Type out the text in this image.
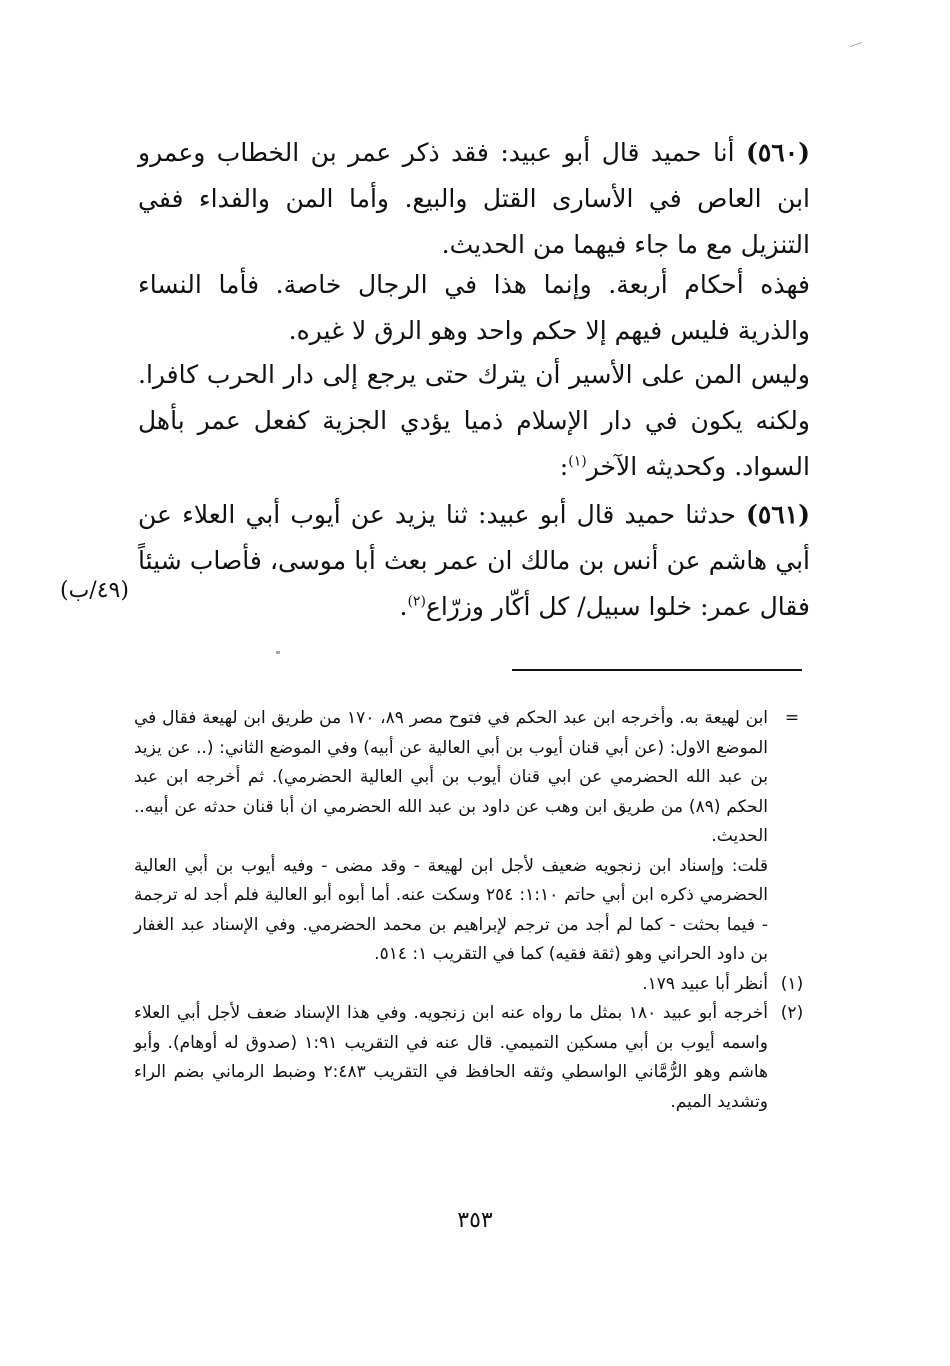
(٥٦٠) أنا حميد قال أبو عبيد: فقد ذكر عمر بن الخطاب وعمرو ابن العاص في الأسارى القتل والبيع. وأما المن والفداء ففي التنزيل مع ما جاء فيهما من الحديث.

فهذه أحكام أربعة. وإنما هذا في الرجال خاصة. فأما النساء والذرية فليس فيهم إلا حكم واحد وهو الرق لا غيره.

وليس المن على الأسير أن يترك حتى يرجع إلى دار الحرب كافرا. ولكنه يكون في دار الإسلام ذميا يؤدي الجزية كفعل عمر بأهل السواد. وكحديثه الآخر$^{(١)}$:

(٥٦١) حدثنا حميد قال أبو عبيد: ثنا يزيد عن أيوب أبي العلاء عن أبي هاشم عن أنس بن مالك ان عمر بعث أبا موسى، فأصاب شيئاً فقال عمر: خلوا سبيل/ كل أكّار وزرّاع$^{(٢)}$.

(٤٩/ب)
=
ابن لهيعة به. وأخرجه ابن عبد الحكم في فتوح مصر ٨٩، ١٧٠ من طريق ابن لهيعة فقال في الموضع الاول: (عن أبي قنان أيوب بن أبي العالية عن أبيه) وفي الموضع الثاني: (.. عن يزيد بن عبد الله الحضرمي عن ابي قنان أيوب بن أبي العالية الحضرمي). ثم أخرجه ابن عبد الحكم (٨٩) من طريق ابن وهب عن داود بن عبد الله الحضرمي ان أبا قنان حدثه عن أبيه.. الحديث.
قلت: وإسناد ابن زنجويه ضعيف لأجل ابن لهيعة - وقد مضى - وفيه أيوب بن أبي العالية الحضرمي ذكره ابن أبي حاتم ١:١٠: ٢٥٤ وسكت عنه. أما أبوه أبو العالية فلم أجد له ترجمة - فيما بحثت - كما لم أجد من ترجم لإبراهيم بن محمد الحضرمي. وفي الإسناد عبد الغفار بن داود الحراني وهو (ثقة فقيه) كما في التقريب ١: ٥١٤.
(١)
أنظر أبا عبيد ١٧٩.
(٢)
أخرجه أبو عبيد ١٨٠ بمثل ما رواه عنه ابن زنجويه. وفي هذا الإسناد ضعف لأجل أبي العلاء واسمه أيوب بن أبي مسكين التميمي. قال عنه في التقريب ١:٩١ (صدوق له أوهام). وأبو هاشم وهو الرُّمَّاني الواسطي وثقه الحافظ في التقريب ٢:٤٨٣ وضبط الرماني بضم الراء وتشديد الميم.
٣٥٣
